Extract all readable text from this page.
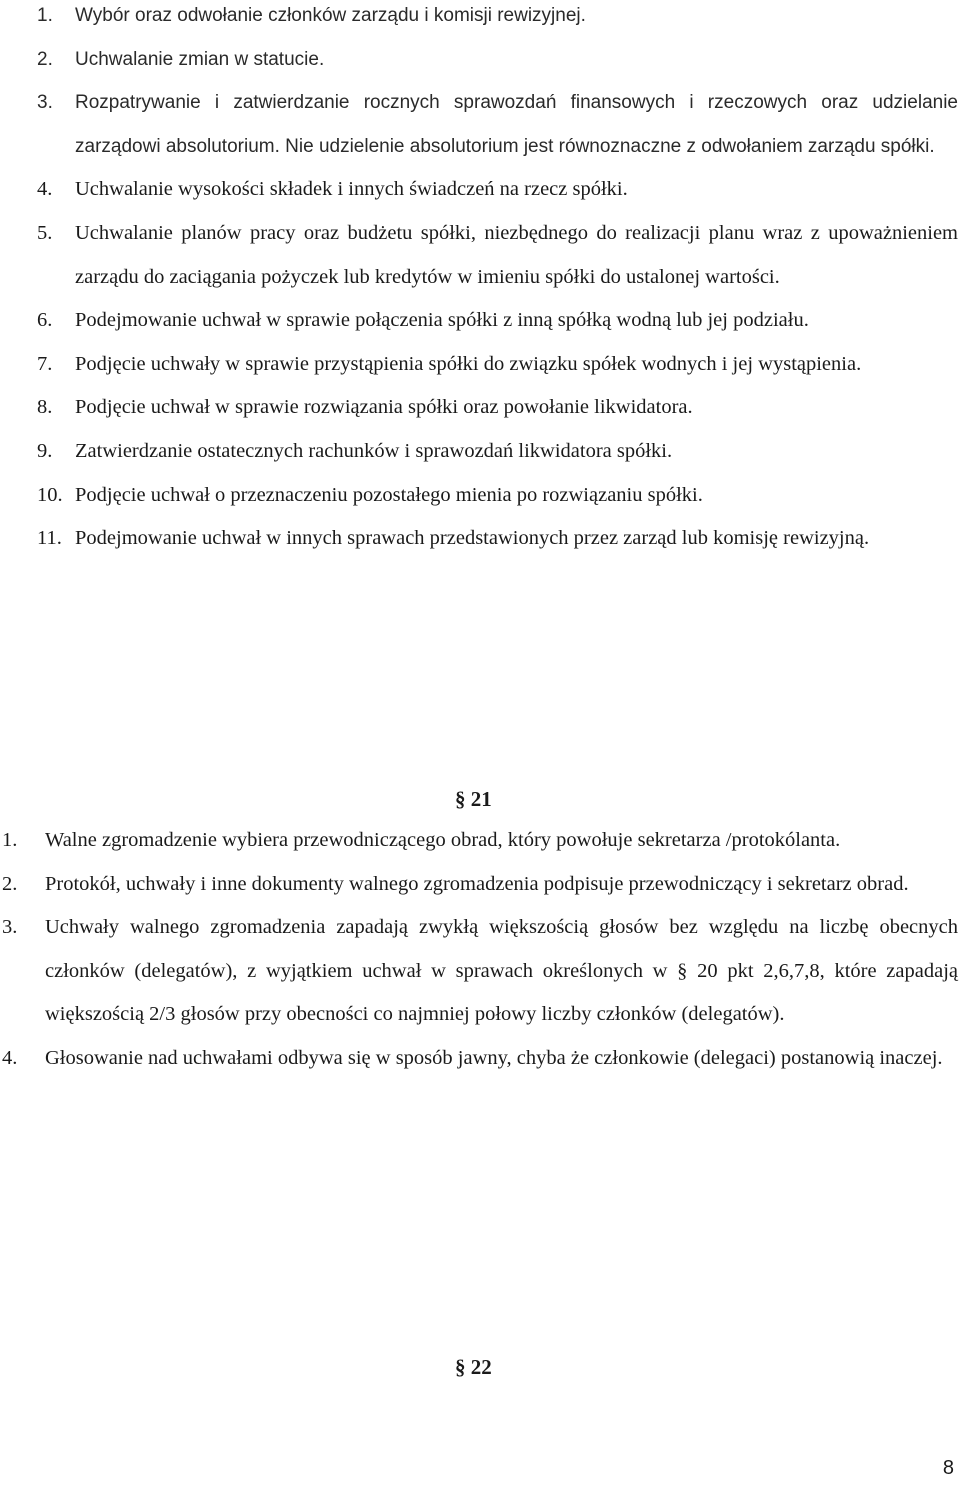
1. Wybór oraz odwołanie członków zarządu i komisji rewizyjnej.
2. Uchwalanie zmian w statucie.
3. Rozpatrywanie i zatwierdzanie rocznych sprawozdań finansowych i rzeczowych oraz udzielanie zarządowi absolutorium. Nie udzielenie absolutorium jest równoznaczne z odwołaniem zarządu spółki.
4. Uchwalanie wysokości składek i innych świadczeń na rzecz spółki.
5. Uchwalanie planów pracy oraz budżetu spółki, niezbędnego do realizacji planu wraz z upoważnieniem zarządu do zaciągania pożyczek lub kredytów w imieniu spółki do ustalonej wartości.
6. Podejmowanie uchwał w sprawie połączenia spółki z inną spółką wodną lub jej podziału.
7. Podjęcie uchwały w sprawie przystąpienia spółki do związku spółek wodnych i jej wystąpienia.
8. Podjęcie uchwał w sprawie rozwiązania spółki oraz powołanie likwidatora.
9. Zatwierdzanie ostatecznych rachunków i sprawozdań likwidatora spółki.
10. Podjęcie uchwał o przeznaczeniu pozostałego mienia po rozwiązaniu spółki.
11. Podejmowanie uchwał w innych sprawach przedstawionych przez zarząd lub komisję rewizyjną.
§ 21
1. Walne zgromadzenie wybiera przewodniczącego obrad, który powołuje sekretarza /protokólanta.
2. Protokół, uchwały i inne dokumenty walnego zgromadzenia podpisuje przewodniczący i sekretarz obrad.
3. Uchwały walnego zgromadzenia zapadają zwykłą większością głosów bez względu na liczbę obecnych członków (delegatów), z wyjątkiem uchwał w sprawach określonych w § 20 pkt 2,6,7,8, które zapadają większością 2/3 głosów przy obecności co najmniej połowy liczby członków (delegatów).
4. Głosowanie nad uchwałami odbywa się w sposób jawny, chyba że członkowie (delegaci) postanowią inaczej.
§ 22
8
